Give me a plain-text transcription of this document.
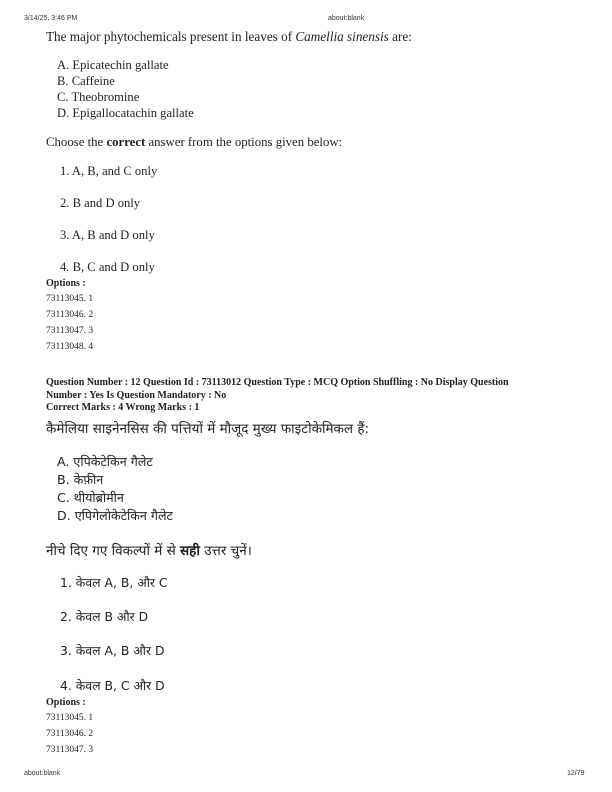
3/14/25, 3:46 PM	about:blank
The major phytochemicals present in leaves of Camellia sinensis are:
A. Epicatechin gallate
B. Caffeine
C. Theobromine
D. Epigallocatachin gallate
Choose the correct answer from the options given below:
1. A, B, and C only
2. B and D only
3. A, B and D only
4. B, C and D only
Options :
73113045. 1
73113046. 2
73113047. 3
73113048. 4
Question Number : 12 Question Id : 73113012 Question Type : MCQ Option Shuffling : No Display Question
Number : Yes Is Question Mandatory : No
Correct Marks : 4 Wrong Marks : 1
कैमेलिया साइनेनसिस की पत्तियों में मौजूद मुख्य फाइटोकेमिकल हैं:
A. एपिकेटेकिन गैलेट
B. केफ़ीन
C. थीयोब्रोमीन
D. एपिगेलोकेटेकिन गैलेट
नीचे दिए गए विकल्पों में से सही उत्तर चुनें।
1. केवल A, B, और C
2. केवल B और D
3. केवल A, B और D
4. केवल B, C और D
Options :
73113045. 1
73113046. 2
73113047. 3
about:blank	12/79
